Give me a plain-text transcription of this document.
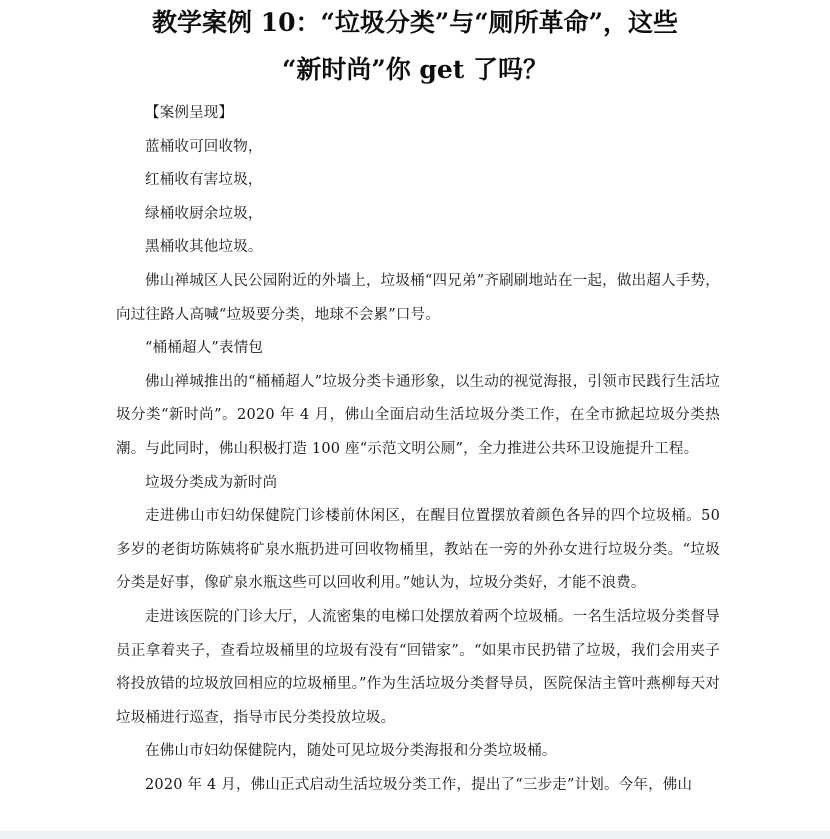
教学案例 10：“垃圾分类”与“厕所革命”，这些
“新时尚”你 get 了吗？

【案例呈现】

蓝桶收可回收物，

红桶收有害垃圾，

绿桶收厨余垃圾，

黑桶收其他垃圾。

佛山禅城区人民公园附近的外墙上，垃圾桶“四兄弟”齐刷刷地站在一起，做出超人手势，向过往路人高喊“垃圾要分类，地球不会累”口号。

“桶桶超人”表情包

佛山禅城推出的“桶桶超人”垃圾分类卡通形象，以生动的视觉海报，引领市民践行生活垃圾分类“新时尚”。2020 年 4 月，佛山全面启动生活垃圾分类工作，在全市掀起垃圾分类热潮。与此同时，佛山积极打造 100 座“示范文明公厕”，全力推进公共环卫设施提升工程。

垃圾分类成为新时尚

走进佛山市妇幼保健院门诊楼前休闲区，在醒目位置摆放着颜色各异的四个垃圾桶。50 多岁的老街坊陈姨将矿泉水瓶扔进可回收物桶里，教站在一旁的外孙女进行垃圾分类。“垃圾分类是好事，像矿泉水瓶这些可以回收利用。”她认为，垃圾分类好，才能不浪费。

走进该医院的门诊大厅，人流密集的电梯口处摆放着两个垃圾桶。一名生活垃圾分类督导员正拿着夹子，查看垃圾桶里的垃圾有没有“回错家”。“如果市民扔错了垃圾，我们会用夹子将投放错的垃圾放回相应的垃圾桶里。”作为生活垃圾分类督导员，医院保洁主管叶燕柳每天对垃圾桶进行巡查，指导市民分类投放垃圾。

在佛山市妇幼保健院内，随处可见垃圾分类海报和分类垃圾桶。

2020 年 4 月，佛山正式启动生活垃圾分类工作，提出了“三步走”计划。今年，佛山
